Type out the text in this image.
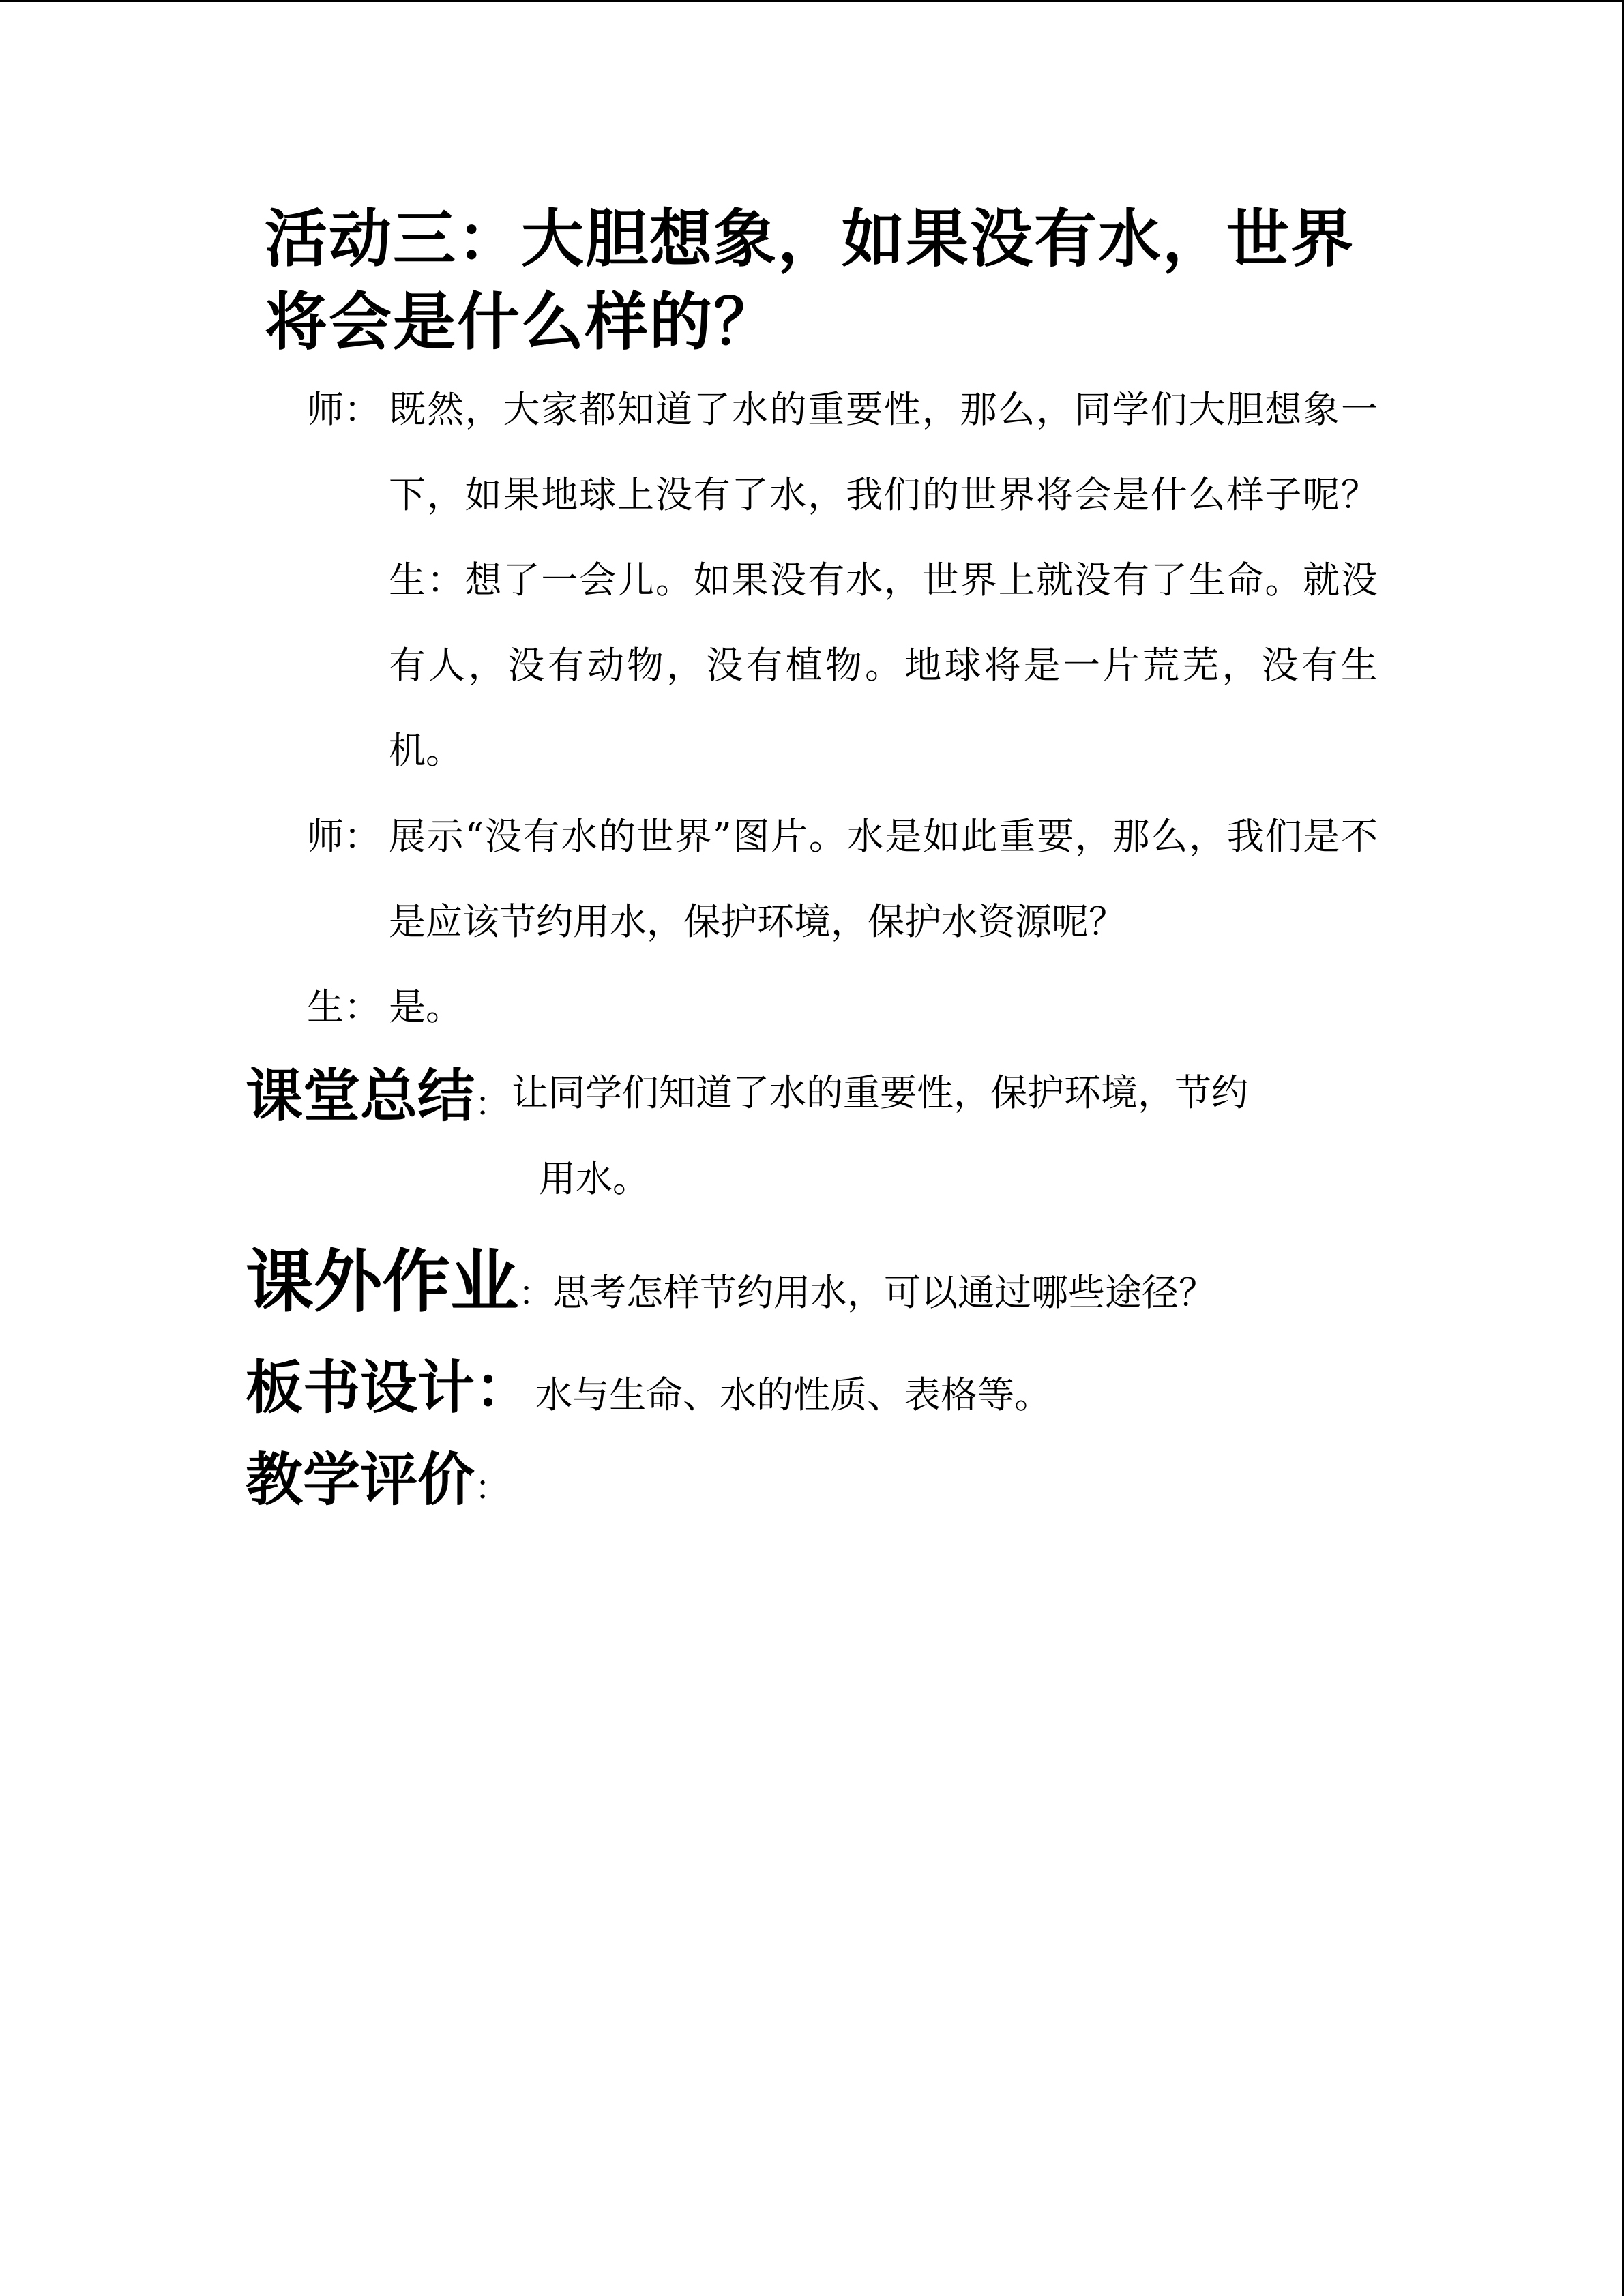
活动三：大胆想象，如果没有水，世界将会是什么样的？
师： 既然，大家都知道了水的重要性，那么，同学们大胆想象一下，如果地球上没有了水，我们的世界将会是什么样子呢？生：想了一会儿。如果没有水，世界上就没有了生命。就没有人，没有动物，没有植物。地球将是一片荒芜，没有生机。
师： 展示“没有水的世界”图片。水是如此重要，那么，我们是不是应该节约用水，保护环境，保护水资源呢？
生： 是。
课堂总结： 让同学们知道了水的重要性，保护环境，节约
用水。
课外作业：思考怎样节约用水，可以通过哪些途径？
板书设计： 水与生命、水的性质、表格等。
教学评价：
